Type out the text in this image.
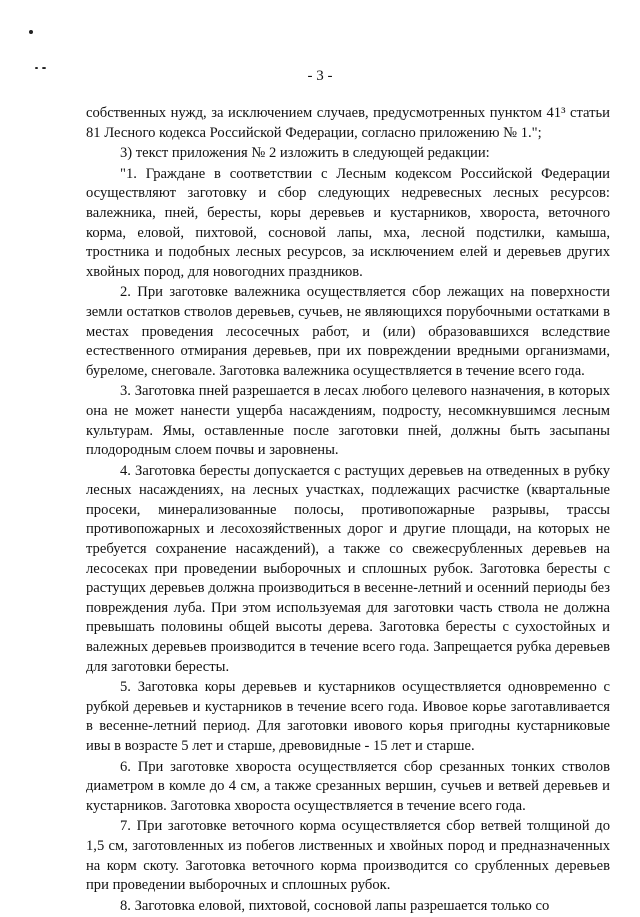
- 3 -

собственных нужд, за исключением случаев, предусмотренных пунктом 41³ статьи 81 Лесного кодекса Российской Федерации, согласно приложению № 1.";

3) текст приложения № 2 изложить в следующей редакции:

"1. Граждане в соответствии с Лесным кодексом Российской Федерации осуществляют заготовку и сбор следующих недревесных лесных ресурсов: валежника, пней, бересты, коры деревьев и кустарников, хвороста, веточного корма, еловой, пихтовой, сосновой лапы, мха, лесной подстилки, камыша, тростника и подобных лесных ресурсов, за исключением елей и деревьев других хвойных пород, для новогодних праздников.

2. При заготовке валежника осуществляется сбор лежащих на поверхности земли остатков стволов деревьев, сучьев, не являющихся порубочными остатками в местах проведения лесосечных работ, и (или) образовавшихся вследствие естественного отмирания деревьев, при их повреждении вредными организмами, буреломе, снеговале. Заготовка валежника осуществляется в течение всего года.

3. Заготовка пней разрешается в лесах любого целевого назначения, в которых она не может нанести ущерба насаждениям, подросту, несомкнувшимся лесным культурам. Ямы, оставленные после заготовки пней, должны быть засыпаны плодородным слоем почвы и заровнены.

4. Заготовка бересты допускается с растущих деревьев на отведенных в рубку лесных насаждениях, на лесных участках, подлежащих расчистке (квартальные просеки, минерализованные полосы, противопожарные разрывы, трассы противопожарных и лесохозяйственных дорог и другие площади, на которых не требуется сохранение насаждений), а также со свежесрубленных деревьев на лесосеках при проведении выборочных и сплошных рубок. Заготовка бересты с растущих деревьев должна производиться в весенне-летний и осенний периоды без повреждения луба. При этом используемая для заготовки часть ствола не должна превышать половины общей высоты дерева. Заготовка бересты с сухостойных и валежных деревьев производится в течение всего года. Запрещается рубка деревьев для заготовки бересты.

5. Заготовка коры деревьев и кустарников осуществляется одновременно с рубкой деревьев и кустарников в течение всего года. Ивовое корье заготавливается в весенне-летний период. Для заготовки ивового корья пригодны кустарниковые ивы в возрасте 5 лет и старше, древовидные - 15 лет и старше.

6. При заготовке хвороста осуществляется сбор срезанных тонких стволов диаметром в комле до 4 см, а также срезанных вершин, сучьев и ветвей деревьев и кустарников. Заготовка хвороста осуществляется в течение всего года.

7. При заготовке веточного корма осуществляется сбор ветвей толщиной до 1,5 см, заготовленных из побегов лиственных и хвойных пород и предназначенных на корм скоту. Заготовка веточного корма производится со срубленных деревьев при проведении выборочных и сплошных рубок.

8. Заготовка еловой, пихтовой, сосновой лапы разрешается только со
